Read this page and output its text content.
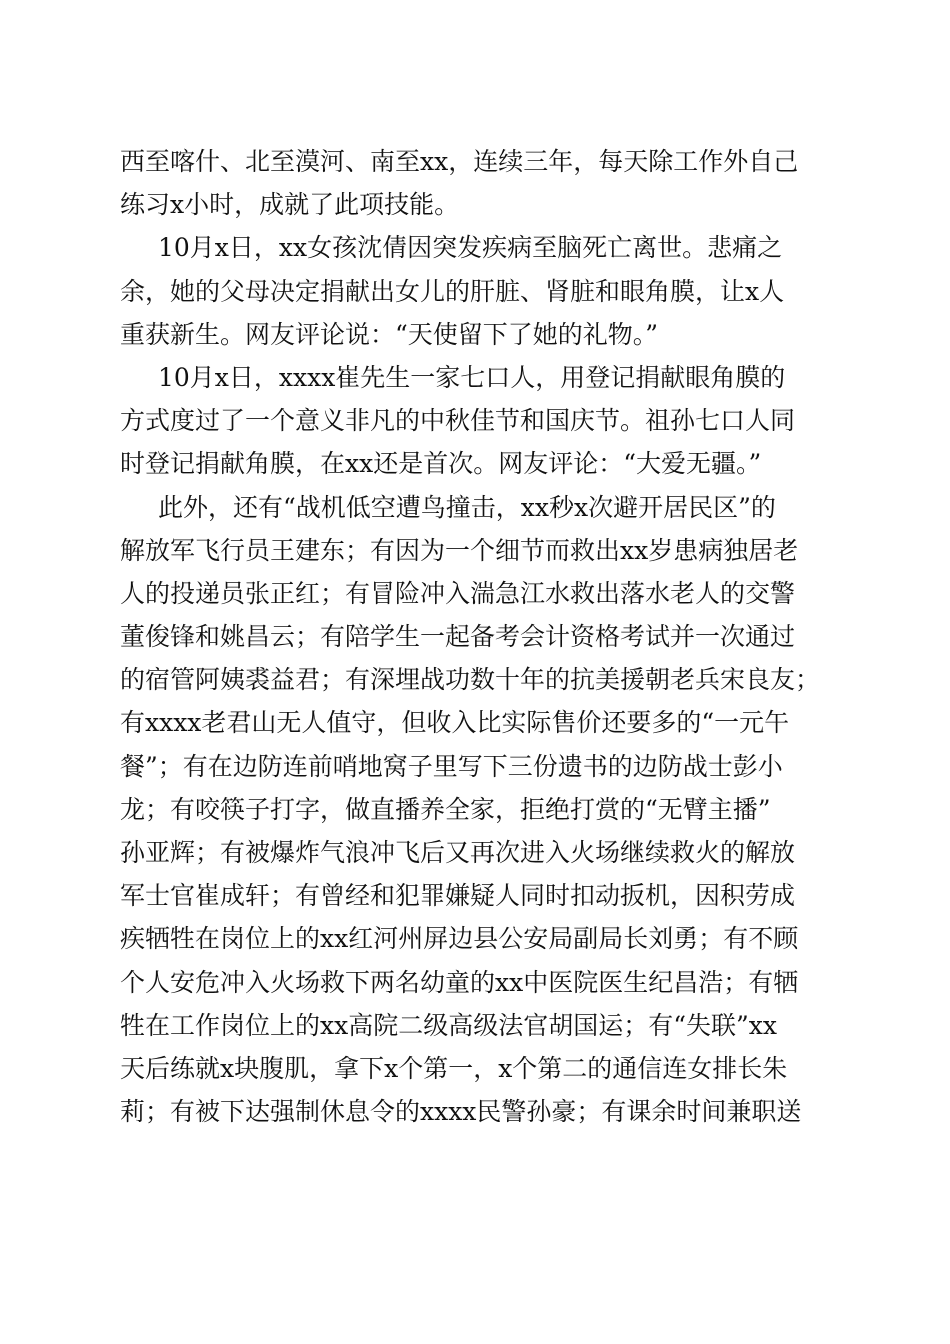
西至喀什、北至漠河、南至xx，连续三年，每天除工作外自己
练习x小时，成就了此项技能。
10月x日，xx女孩沈倩因突发疾病至脑死亡离世。悲痛之
余，她的父母决定捐献出女儿的肝脏、肾脏和眼角膜，让x人
重获新生。网友评论说：“天使留下了她的礼物。”
10月x日，xxxx崔先生一家七口人，用登记捐献眼角膜的
方式度过了一个意义非凡的中秋佳节和国庆节。祖孙七口人同
时登记捐献角膜，在xx还是首次。网友评论：“大爱无疆。”
此外，还有“战机低空遭鸟撞击，xx秒x次避开居民区”的
解放军飞行员王建东；有因为一个细节而救出xx岁患病独居老
人的投递员张正红；有冒险冲入湍急江水救出落水老人的交警
董俊锋和姚昌云；有陪学生一起备考会计资格考试并一次通过
的宿管阿姨裘益君；有深埋战功数十年的抗美援朝老兵宋良友；
有xxxx老君山无人值守，但收入比实际售价还要多的“一元午
餐”；有在边防连前哨地窝子里写下三份遗书的边防战士彭小
龙；有咬筷子打字，做直播养全家，拒绝打赏的“无臂主播”
孙亚辉；有被爆炸气浪冲飞后又再次进入火场继续救火的解放
军士官崔成轩；有曾经和犯罪嫌疑人同时扣动扳机，因积劳成
疾牺牲在岗位上的xx红河州屏边县公安局副局长刘勇；有不顾
个人安危冲入火场救下两名幼童的xx中医院医生纪昌浩；有牺
牲在工作岗位上的xx高院二级高级法官胡国运；有“失联”xx
天后练就x块腹肌，拿下x个第一，x个第二的通信连女排长朱
莉；有被下达强制休息令的xxxx民警孙豪；有课余时间兼职送
